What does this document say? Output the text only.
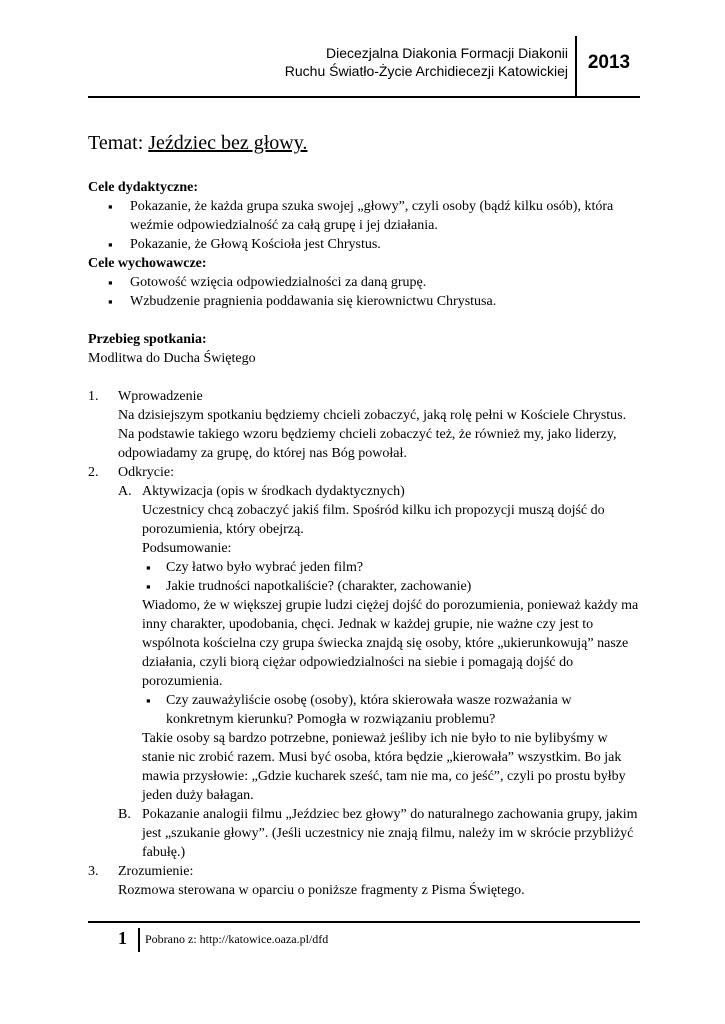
Diecezjalna Diakonia Formacji Diakonii
Ruchu Światło-Życie Archidiecezji Katowickiej	2013
Temat: Jeździec bez głowy.

Cele dydaktyczne:

▪ Pokazanie, że każda grupa szuka swojej „głowy”, czyli osoby (bądź kilku osób), która weźmie odpowiedzialność za całą grupę i jej działania.
▪ Pokazanie, że Głową Kościoła jest Chrystus.

Cele wychowawcze:

▪ Gotowość wzięcia odpowiedzialności za daną grupę.
▪ Wzbudzenie pragnienia poddawania się kierownictwu Chrystusa.

Przebieg spotkania:

Modlitwa do Ducha Świętego

1. Wprowadzenie
Na dzisiejszym spotkaniu będziemy chcieli zobaczyć, jaką rolę pełni w Kościele Chrystus. Na podstawie takiego wzoru będziemy chcieli zobaczyć też, że również my, jako liderzy, odpowiadamy za grupę, do której nas Bóg powołał.
2. Odkrycie:
A. Aktywizacja (opis w środkach dydaktycznych)
Uczestnicy chcą zobaczyć jakiś film. Spośród kilku ich propozycji muszą dojść do porozumienia, który obejrzą.
Podsumowanie:
▪ Czy łatwo było wybrać jeden film?
▪ Jakie trudności napotkaliście? (charakter, zachowanie)
Wiadomo, że w większej grupie ludzi ciężej dojść do porozumienia, ponieważ każdy ma inny charakter, upodobania, chęci. Jednak w każdej grupie, nie ważne czy jest to wspólnota kościelna czy grupa świecka znajdą się osoby, które „ukierunkowują” nasze działania, czyli biorą ciężar odpowiedzialności na siebie i pomagają dojść do porozumienia.
▪ Czy zauważyliście osobę (osoby), która skierowała wasze rozważania w konkretnym kierunku? Pomogła w rozwiązaniu problemu?
Takie osoby są bardzo potrzebne, ponieważ jeśliby ich nie było to nie bylibyśmy w stanie nic zrobić razem. Musi być osoba, która będzie „kierowała” wszystkim. Bo jak mawia przysłowie: „Gdzie kucharek sześć, tam nie ma, co jeść”, czyli po prostu byłby jeden duży bałagan.
B. Pokazanie analogii filmu „Jeździec bez głowy” do naturalnego zachowania grupy, jakim jest „szukanie głowy”. (Jeśli uczestnicy nie znają filmu, należy im w skrócie przybliżyć fabułę.)
3. Zrozumienie:
Rozmowa sterowana w oparciu o poniższe fragmenty z Pisma Świętego.
1 Pobrano z: http://katowice.oaza.pl/dfd
